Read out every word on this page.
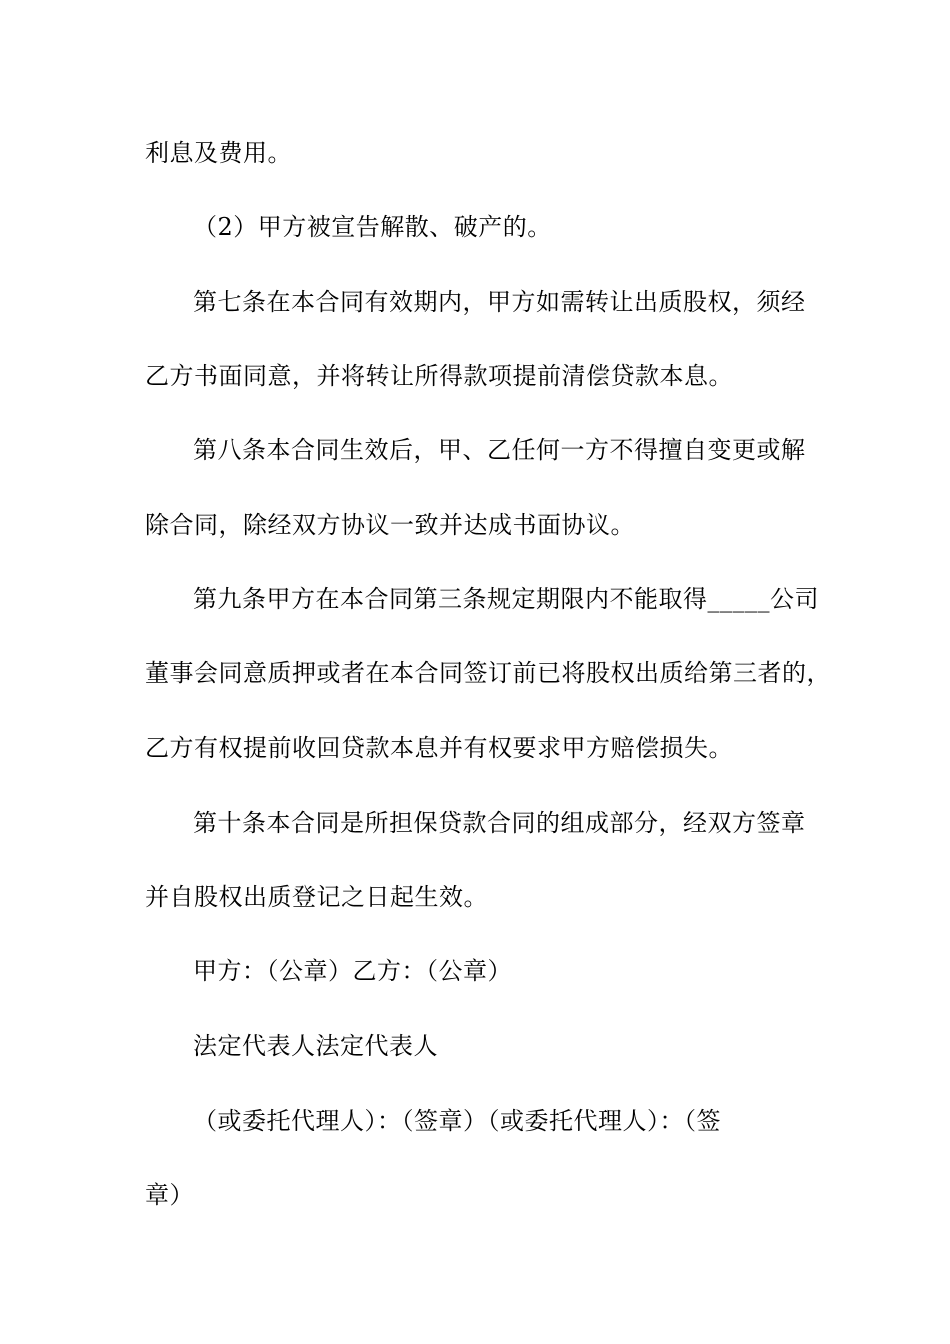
利息及费用。
（2）甲方被宣告解散、破产的。
第七条在本合同有效期内，甲方如需转让出质股权，须经
乙方书面同意，并将转让所得款项提前清偿贷款本息。
第八条本合同生效后，甲、乙任何一方不得擅自变更或解
除合同，除经双方协议一致并达成书面协议。
第九条甲方在本合同第三条规定期限内不能取得_____公司
董事会同意质押或者在本合同签订前已将股权出质给第三者的，
乙方有权提前收回贷款本息并有权要求甲方赔偿损失。
第十条本合同是所担保贷款合同的组成部分，经双方签章
并自股权出质登记之日起生效。
甲方：（公章）乙方：（公章）
法定代表人法定代表人
（或委托代理人）：（签章）（或委托代理人）：（签
章）
